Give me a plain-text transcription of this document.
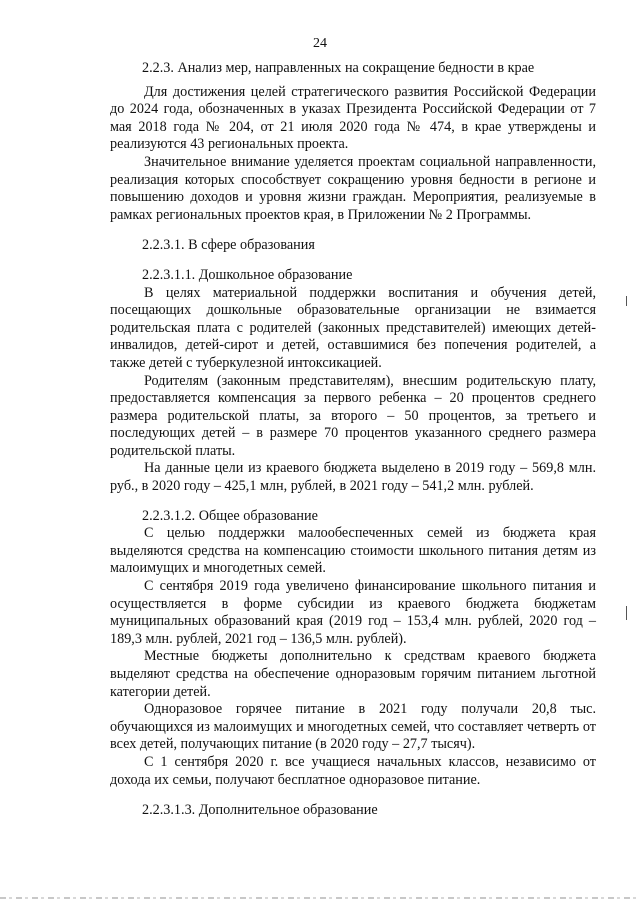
24

2.2.3. Анализ мер, направленных на сокращение бедности в крае

Для достижения целей стратегического развития Российской Федерации до 2024 года, обозначенных в указах Президента Российской Федерации от 7 мая 2018 года № 204, от 21 июля 2020 года № 474, в крае утверждены и реализуются 43 региональных проекта.

Значительное внимание уделяется проектам социальной направленности, реализация которых способствует сокращению уровня бедности в регионе и повышению доходов и уровня жизни граждан. Мероприятия, реализуемые в рамках региональных проектов края, в Приложении № 2 Программы.

2.2.3.1. В сфере образования

2.2.3.1.1. Дошкольное образование

В целях материальной поддержки воспитания и обучения детей, посещающих дошкольные образовательные организации не взимается родительская плата с родителей (законных представителей) имеющих детей-инвалидов, детей-сирот и детей, оставшимися без попечения родителей, а также детей с туберкулезной интоксикацией.

Родителям (законным представителям), внесшим родительскую плату, предоставляется компенсация за первого ребенка – 20 процентов среднего размера родительской платы, за второго – 50 процентов, за третьего и последующих детей – в размере 70 процентов указанного среднего размера родительской платы.

На данные цели из краевого бюджета выделено в 2019 году – 569,8 млн. руб., в 2020 году – 425,1 млн, рублей, в 2021 году – 541,2 млн. рублей.

2.2.3.1.2. Общее образование

С целью поддержки малообеспеченных семей из бюджета края выделяются средства на компенсацию стоимости школьного питания детям из малоимущих и многодетных семей.

С сентября 2019 года увеличено финансирование школьного питания и осуществляется в форме субсидии из краевого бюджета бюджетам муниципальных образований края (2019 год – 153,4 млн. рублей, 2020 год – 189,3 млн. рублей, 2021 год – 136,5 млн. рублей).

Местные бюджеты дополнительно к средствам краевого бюджета выделяют средства на обеспечение одноразовым горячим питанием льготной категории детей.

Одноразовое горячее питание в 2021 году получали 20,8 тыс. обучающихся из малоимущих и многодетных семей, что составляет четверть от всех детей, получающих питание (в 2020 году – 27,7 тысяч).

С 1 сентября 2020 г. все учащиеся начальных классов, независимо от дохода их семьи, получают бесплатное одноразовое питание.

2.2.3.1.3. Дополнительное образование
